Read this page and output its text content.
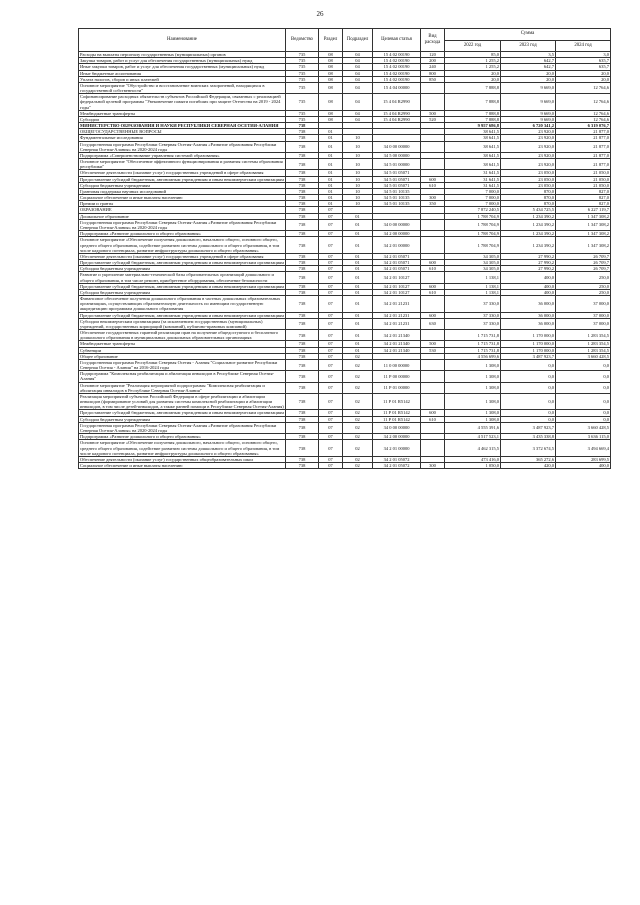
26
Наименование	Ведомство	Раздел	Подраздел	Целевая статья	Вид расхода	Сумма		
						2022 год	2023 год	2024 год
Расходы на выплаты персоналу государственных (муниципальных) органов	735	08	04	15 4 02 00190	120	85,0	3,5	3,0
Закупка товаров, работ и услуг для обеспечения государственных (муниципальных) нужд	735	08	04	15 4 02 00190	200	1 255,2	642,7	635,7
Иные закупки товаров, работ и услуг для обеспечения государственных (муниципальных) нужд	735	08	04	15 4 02 00190	240	1 255,2	642,7	635,7
Иные бюджетные ассигнования	735	08	04	15 4 02 00190	800	20,0	20,0	20,0
Уплата налогов, сборов и иных платежей	735	08	04	15 4 02 00190	850	20,0	20,0	20,0
Основное мероприятие "Обустройство и восстановление воинских захоронений, находящихся в государственной собственности"	735	08	04	15 4 04 00000		7 888,8	9 669,0	12 764,6
Софинансирование расходных обязательств субъектов Российской Федерации, связанных с реализацией федеральной целевой программы "Увековечение памяти погибших при защите Отечества на 2019 - 2024 годы"	735	08	04	15 4 04 R2990		7 888,8	9 669,0	12 764,6
Межбюджетные трансферты	735	08	04	15 4 04 R2990	500	7 888,8	9 669,0	12 764,6
Субсидии	735	08	04	15 4 04 R2990	520	7 888,8	9 669,0	12 764,6
МИНИСТЕРСТВО ОБРАЗОВАНИЯ И НАУКИ РЕСПУБЛИКИ СЕВЕРНАЯ ОСЕТИЯ-АЛАНИЯ	738					9 957 686,8	6 720 341,2	6 319 076,7
ОБЩЕГОСУДАРСТВЕННЫЕ ВОПРОСЫ	738	01				38 641,5	23 920,0	21 877,0
Фундаментальные исследования	738	01	10			38 641,5	23 920,0	21 877,0
Государственная программа Республики Северная Осетия-Алания «Развитие образования Республики Северная Осетия-Алания» на 2020-2024 годы	738	01	10	34 0 00 00000		38 641,5	23 920,0	21 877,0
Подпрограмма «Совершенствование управления системой образования»	738	01	10	34 5 00 00000		38 641,5	23 920,0	21 877,0
Основное мероприятие "Обеспечение эффективного функционирования и развития системы образования республики"	738	01	10	34 5 01 00000		38 641,5	23 920,0	21 877,0
Обеспечение деятельности (оказание услуг) государственных учреждений в сфере образования	738	01	10	34 5 01 05071		31 641,5	23 050,0	21 050,0
Предоставление субсидий бюджетным, автономным учреждениям и иным некоммерческим организациям	738	01	10	34 5 01 05071	600	31 641,5	23 050,0	21 050,0
Субсидии бюджетным учреждениям	738	01	10	34 5 01 05071	610	31 641,5	23 050,0	21 050,0
Грантовая поддержка научных исследований	738	01	10	34 5 01 10135		7 000,0	870,0	827,0
Социальное обеспечение и иные выплаты населению	738	01	10	34 5 01 10135	300	7 000,0	870,0	827,0
Премии и гранты	738	01	10	34 5 01 10135	350	7 000,0	870,0	827,0
ОБРАЗОВАНИЕ	738	07				7 872 240,5	5 434 725,5	6 227 119,7
Дошкольное образование	738	07	01			1 788 704,9	1 234 390,2	1 347 308,2
Государственная программа Республики Северная Осетия-Алания «Развитие образования Республики Северная Осетия-Алания» на 2020-2024 годы	738	07	01	34 0 00 00000		1 788 704,9	1 234 390,2	1 347 308,2
Подпрограмма «Развитие дошкольного и общего образования»	738	07	01	34 2 00 00000		1 788 704,9	1 234 390,2	1 347 308,2
Основное мероприятие «Обеспечение получения дошкольного, начального общего, основного общего, среднего общего образования, содействие развитию системы дошкольного и общего образования, в том числе кадрового потенциала, развитие инфраструктуры дошкольного и общего образования»	738	07	01	34 2 01 00000		1 788 704,9	1 234 390,2	1 347 308,2
Обеспечение деятельности (оказание услуг) государственных учреждений в сфере образования	738	07	01	34 2 01 05071		34 305,0	27 990,2	26 709,7
Предоставление субсидий бюджетным, автономным учреждениям и иным некоммерческим организациям	738	07	01	34 2 01 05071	600	34 305,0	27 990,2	26 709,7
Субсидии бюджетным учреждениям	738	07	01	34 2 01 05071	610	34 305,0	27 990,2	26 709,7
Развитие и укрепление материально-технической базы образовательных организаций дошкольного и общего образования, в том числе ремонт, приобретение оборудования, обеспечение безопасности	738	07	01	34 2 01 10127		1 138,1	400,0	250,0
Предоставление субсидий бюджетным, автономным учреждениям и иным некоммерческим организациям	738	07	01	34 2 01 10127	600	1 138,1	400,0	250,0
Субсидии бюджетным учреждениям	738	07	01	34 2 01 10127	610	1 138,1	400,0	250,0
Финансовое обеспечение получения дошкольного образования в частных дошкольных образовательных организациях, осуществляющих образовательную деятельность по имеющим государственную аккредитацию программам дошкольного образования	738	07	01	34 2 01 21231		37 330,0	36 000,0	37 000,0
Предоставление субсидий бюджетным, автономным учреждениям и иным некоммерческим организациям	738	07	01	34 2 01 21231	600	37 330,0	36 000,0	37 000,0
Субсидии некоммерческим организациям (за исключением государственных (муниципальных) учреждений, государственных корпораций (компаний), публично-правовых компаний)	738	07	01	34 2 01 21231	630	37 330,0	36 000,0	37 000,0
Обеспечение государственных гарантий реализации прав на получение общедоступного и бесплатного дошкольного образования в муниципальных дошкольных образовательных организациях	738	07	01	34 2 01 21340		1 715 731,8	1 170 000,0	1 283 354,5
Межбюджетные трансферты	738	07	01	34 2 01 21340	500	1 715 731,8	1 170 000,0	1 283 354,5
Субвенции	738	07	01	34 2 01 21340	530	1 715 731,8	1 170 000,0	1 283 354,5
Общее образование	738	07	02			4 556 699,6	3 487 923,7	3 660 428,5
Государственная программа Республики Северная Осетия - Алания "Социальное развитие Республики Северная Осетия - Алания" на 2016-2024 годы	738	07	02	11 0 00 00000		1 308,0	0,0	0,0
Подпрограмма "Комплексная реабилитация и абилитация инвалидов в Республике Северная Осетия-Алания"	738	07	02	11 Р 00 00000		1 308,0	0,0	0,0
Основное мероприятие "Реализация мероприятий подпрограммы "Комплексная реабилитация и абилитация инвалидов в Республике Северная Осетия-Алания"	738	07	02	11 Р 01 00000		1 308,0	0,0	0,0
Реализация мероприятий субъектов Российской Федерации в сфере реабилитации и абилитации инвалидов (формирование условий для развития системы комплексной реабилитации и абилитации инвалидов, в том числе детей-инвалидов, а также ранней помощи в Республике Северная Осетия-Алания)	738	07	02	11 Р 01 R5142		1 308,0	0,0	0,0
Предоставление субсидий бюджетным, автономным учреждениям и иным некоммерческим организациям	738	07	02	11 Р 01 R5142	600	1 308,0	0,0	0,0
Субсидии бюджетным учреждениям	738	07	02	11 Р 01 R5142	610	1 308,0	0,0	0,0
Государственная программа Республики Северная Осетия-Алания «Развитие образования Республики Северная Осетия-Алания» на 2020-2024 годы	738	07	02	34 0 00 00000		4 555 391,6	3 487 923,7	3 660 428,5
Подпрограмма «Развитие дошкольного и общего образования»	738	07	02	34 2 00 00000		4 517 523,1	3 435 338,8	3 636 115,0
Основное мероприятие «Обеспечение получения дошкольного, начального общего, основного общего, среднего общего образования, содействие развитию системы дошкольного и общего образования, в том числе кадрового потенциала, развитие инфраструктуры дошкольного и общего образования»	738	07	02	34 2 01 00000		4 462 315,5	3 372 674,5	3 494 669,4
Обеспечение деятельности (оказание услуг) государственных общеобразовательных школ	738	07	02	34 2 01 05072		473 416,0	365 272,6	283 699,5
Социальное обеспечение и иные выплаты населению	738	07	02	34 2 01 05072	300	1 050,0	420,0	400,0
